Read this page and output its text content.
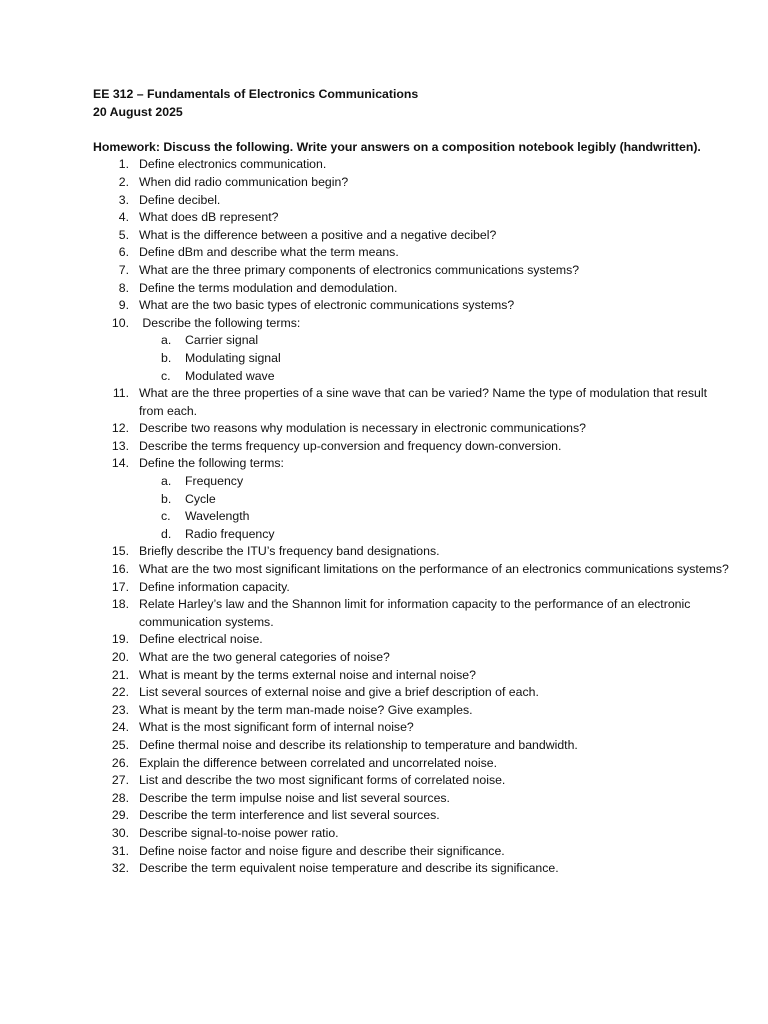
EE 312 – Fundamentals of Electronics Communications
20 August 2025
Homework: Discuss the following. Write your answers on a composition notebook legibly (handwritten).
1. Define electronics communication.
2. When did radio communication begin?
3. Define decibel.
4. What does dB represent?
5. What is the difference between a positive and a negative decibel?
6. Define dBm and describe what the term means.
7. What are the three primary components of electronics communications systems?
8. Define the terms modulation and demodulation.
9. What are the two basic types of electronic communications systems?
10. Describe the following terms:
a.	Carrier signal
b.	Modulating signal
c.	Modulated wave
11. What are the three properties of a sine wave that can be varied? Name the type of modulation that result from each.
12. Describe two reasons why modulation is necessary in electronic communications?
13. Describe the terms frequency up-conversion and frequency down-conversion.
14. Define the following terms:
a.	Frequency
b.	Cycle
c.	Wavelength
d.	Radio frequency
15. Briefly describe the ITU’s frequency band designations.
16. What are the two most significant limitations on the performance of an electronics communications systems?
17. Define information capacity.
18. Relate Harley’s law and the Shannon limit for information capacity to the performance of an electronic communication systems.
19. Define electrical noise.
20. What are the two general categories of noise?
21. What is meant by the terms external noise and internal noise?
22. List several sources of external noise and give a brief description of each.
23. What is meant by the term man-made noise? Give examples.
24. What is the most significant form of internal noise?
25. Define thermal noise and describe its relationship to temperature and bandwidth.
26. Explain the difference between correlated and uncorrelated noise.
27. List and describe the two most significant forms of correlated noise.
28. Describe the term impulse noise and list several sources.
29. Describe the term interference and list several sources.
30. Describe signal-to-noise power ratio.
31. Define noise factor and noise figure and describe their significance.
32. Describe the term equivalent noise temperature and describe its significance.
